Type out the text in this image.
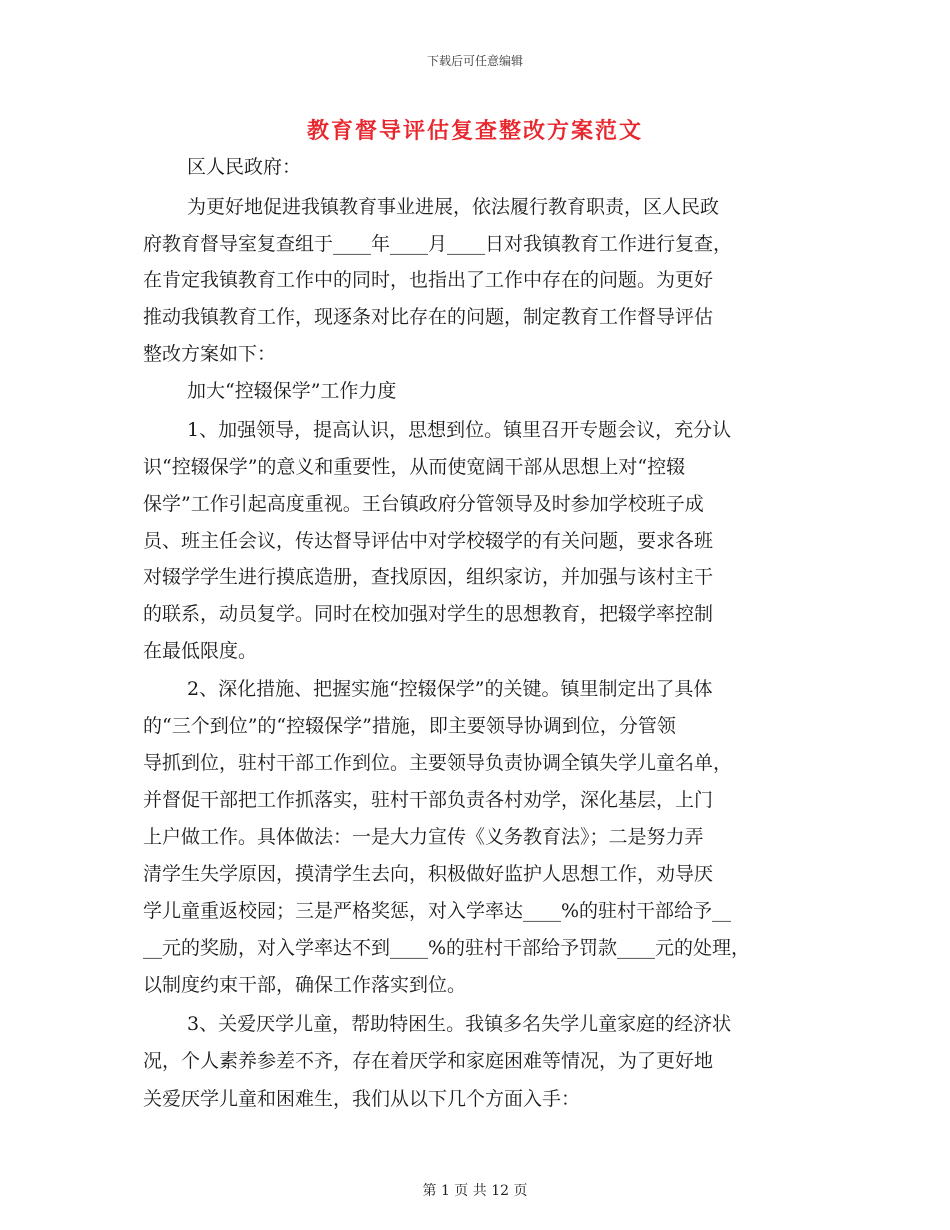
下载后可任意编辑
教育督导评估复查整改方案范文
区人民政府：
为更好地促进我镇教育事业进展，依法履行教育职责，区人民政
府教育督导室复查组于____年____月____日对我镇教育工作进行复查，
在肯定我镇教育工作中的同时，也指出了工作中存在的问题。为更好
推动我镇教育工作，现逐条对比存在的问题，制定教育工作督导评估
整改方案如下：
加大“控辍保学”工作力度
1、加强领导，提高认识，思想到位。镇里召开专题会议，充分认
识“控辍保学”的意义和重要性，从而使宽阔干部从思想上对“控辍
保学”工作引起高度重视。王台镇政府分管领导及时参加学校班子成
员、班主任会议，传达督导评估中对学校辍学的有关问题，要求各班
对辍学学生进行摸底造册，查找原因，组织家访，并加强与该村主干
的联系，动员复学。同时在校加强对学生的思想教育，把辍学率控制
在最低限度。
2、深化措施、把握实施“控辍保学”的关键。镇里制定出了具体
的“三个到位”的“控辍保学”措施，即主要领导协调到位，分管领
导抓到位，驻村干部工作到位。主要领导负责协调全镇失学儿童名单，
并督促干部把工作抓落实，驻村干部负责各村劝学，深化基层，上门
上户做工作。具体做法：一是大力宣传《义务教育法》；二是努力弄
清学生失学原因，摸清学生去向，积极做好监护人思想工作，劝导厌
学儿童重返校园；三是严格奖惩，对入学率达____%的驻村干部给予__
__元的奖励，对入学率达不到____%的驻村干部给予罚款____元的处理，
以制度约束干部，确保工作落实到位。
3、关爱厌学儿童，帮助特困生。我镇多名失学儿童家庭的经济状
况，个人素养参差不齐，存在着厌学和家庭困难等情况，为了更好地
关爱厌学儿童和困难生，我们从以下几个方面入手：
第 1 页 共 12 页
